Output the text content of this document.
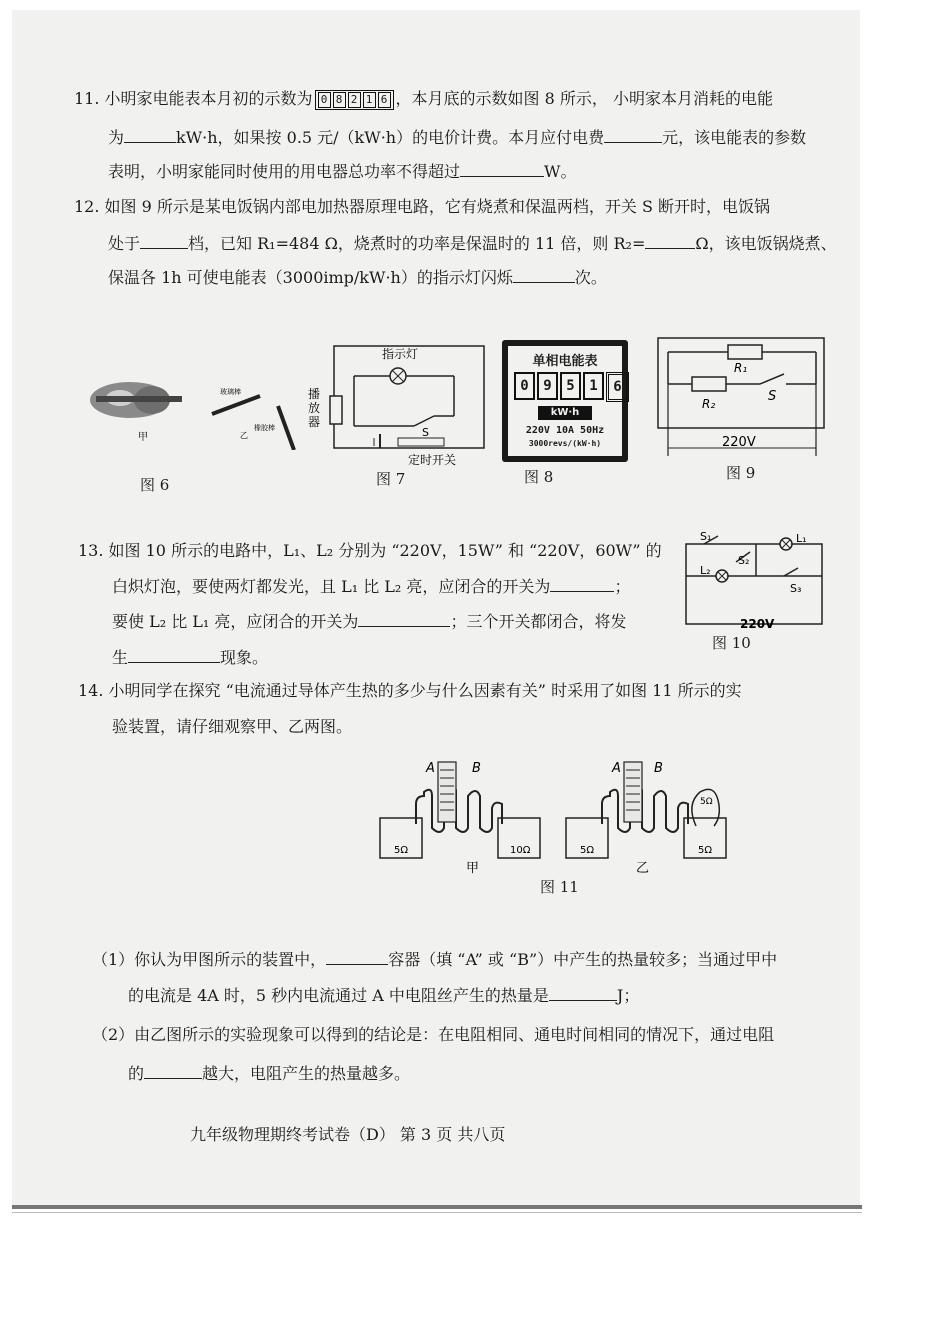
11. 小明家电能表本月初的示数为 0 8 2 1 6 ，本月底的示数如图 8 所示， 小明家本月消耗的电能
为	kW·h，如果按 0.5 元/（kW·h）的电价计费。本月应付电费	元，该电能表的参数
表明，小明家能同时使用的用电器总功率不得超过	W。
12. 如图 9 所示是某电饭锅内部电加热器原理电路，它有烧煮和保温两档，开关 S 断开时，电饭锅
处于	档，已知 R₁=484 Ω，烧煮时的功率是保温时的 11 倍，则 R₂=	Ω，该电饭锅烧煮、
保温各 1h 可使电能表（3000imp/kW·h）的指示灯闪烁	次。
甲
玻璃棒
橡胶棒
乙
图 6
指示灯
播放器
S
定时开关
图 7
单相电能表
0	9	5	1	6
kW·h
220V 10A 50Hz
3000revs/(kW·h)
图 8
R₁
R₂	S
220V
图 9
13. 如图 10 所示的电路中，L₁、L₂ 分别为 “220V，15W” 和 “220V，60W” 的
白炽灯泡，要使两灯都发光，且 L₁ 比 L₂ 亮，应闭合的开关为	；
要使 L₂ 比 L₁ 亮，应闭合的开关为	；三个开关都闭合，将发
生	现象。
S₁	L₁
S₂
L₂
S₃
220V
图 10
14. 小明同学在探究 “电流通过导体产生热的多少与什么因素有关” 时采用了如图 11 所示的实
验装置，请仔细观察甲、乙两图。
5Ω	10Ω
A	B
甲
5Ω	5Ω
5Ω
A	B
乙
图 11
（1）你认为甲图所示的装置中，	容器（填 “A” 或 “B”）中产生的热量较多；当通过甲中
的电流是 4A 时，5 秒内电流通过 A 中电阻丝产生的热量是	J；
（2）由乙图所示的实验现象可以得到的结论是：在电阻相同、通电时间相同的情况下，通过电阻
的	越大，电阻产生的热量越多。
九年级物理期终考试卷（D） 第 3 页 共八页
